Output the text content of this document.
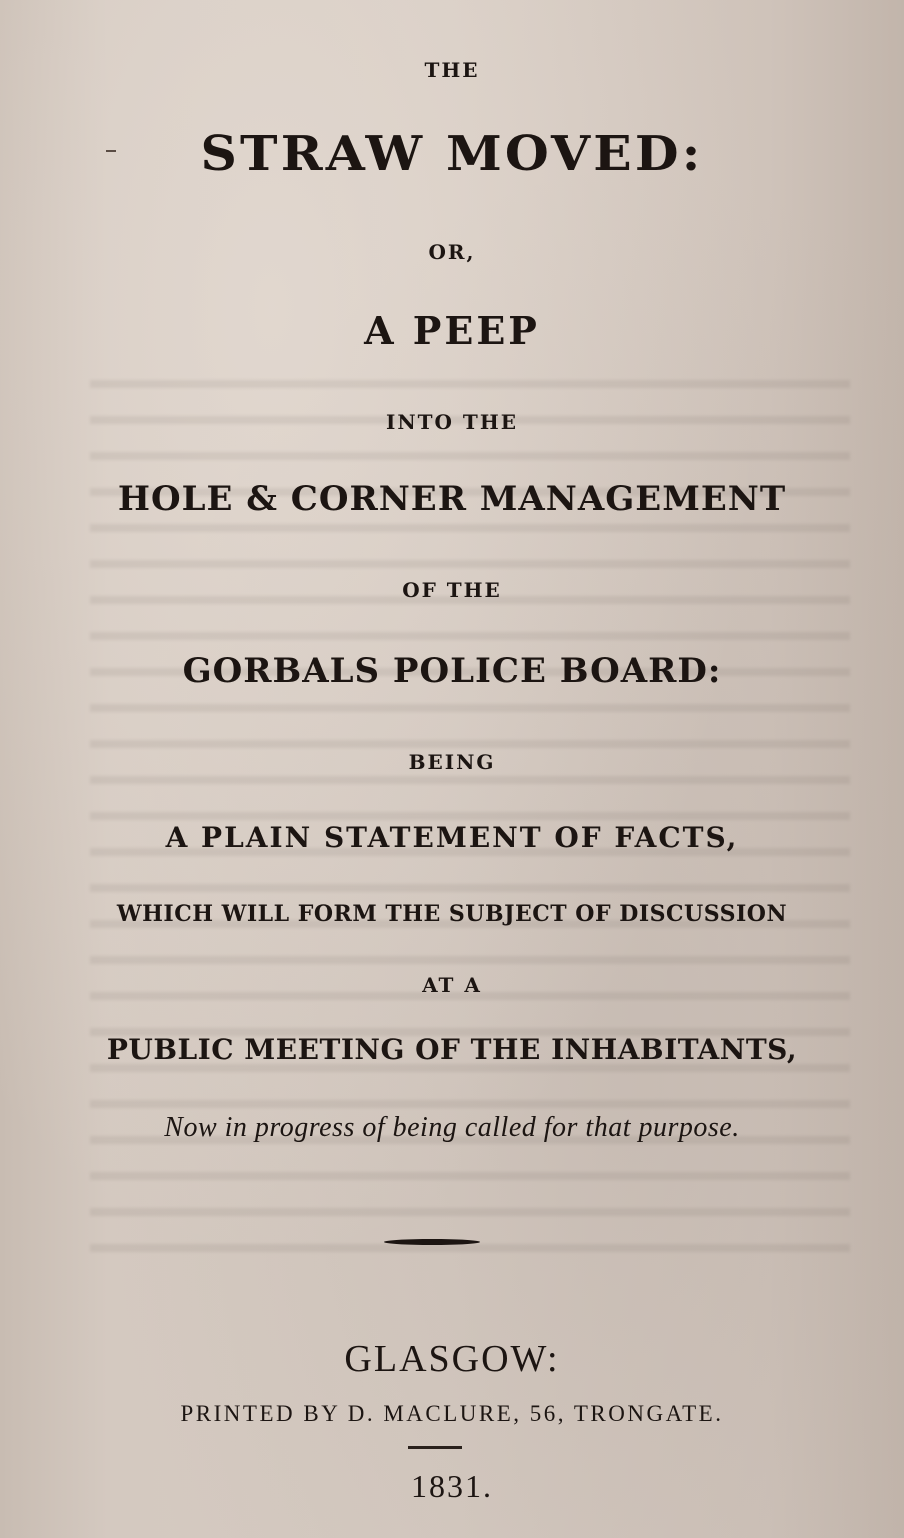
THE
STRAW MOVED:
OR,
A PEEP
INTO THE
HOLE & CORNER MANAGEMENT
OF THE
GORBALS POLICE BOARD:
BEING
A PLAIN STATEMENT OF FACTS,
WHICH WILL FORM THE SUBJECT OF DISCUSSION
AT A
PUBLIC MEETING OF THE INHABITANTS,
Now in progress of being called for that purpose.
GLASGOW:
PRINTED BY D. MACLURE, 56, TRONGATE.
1831.
